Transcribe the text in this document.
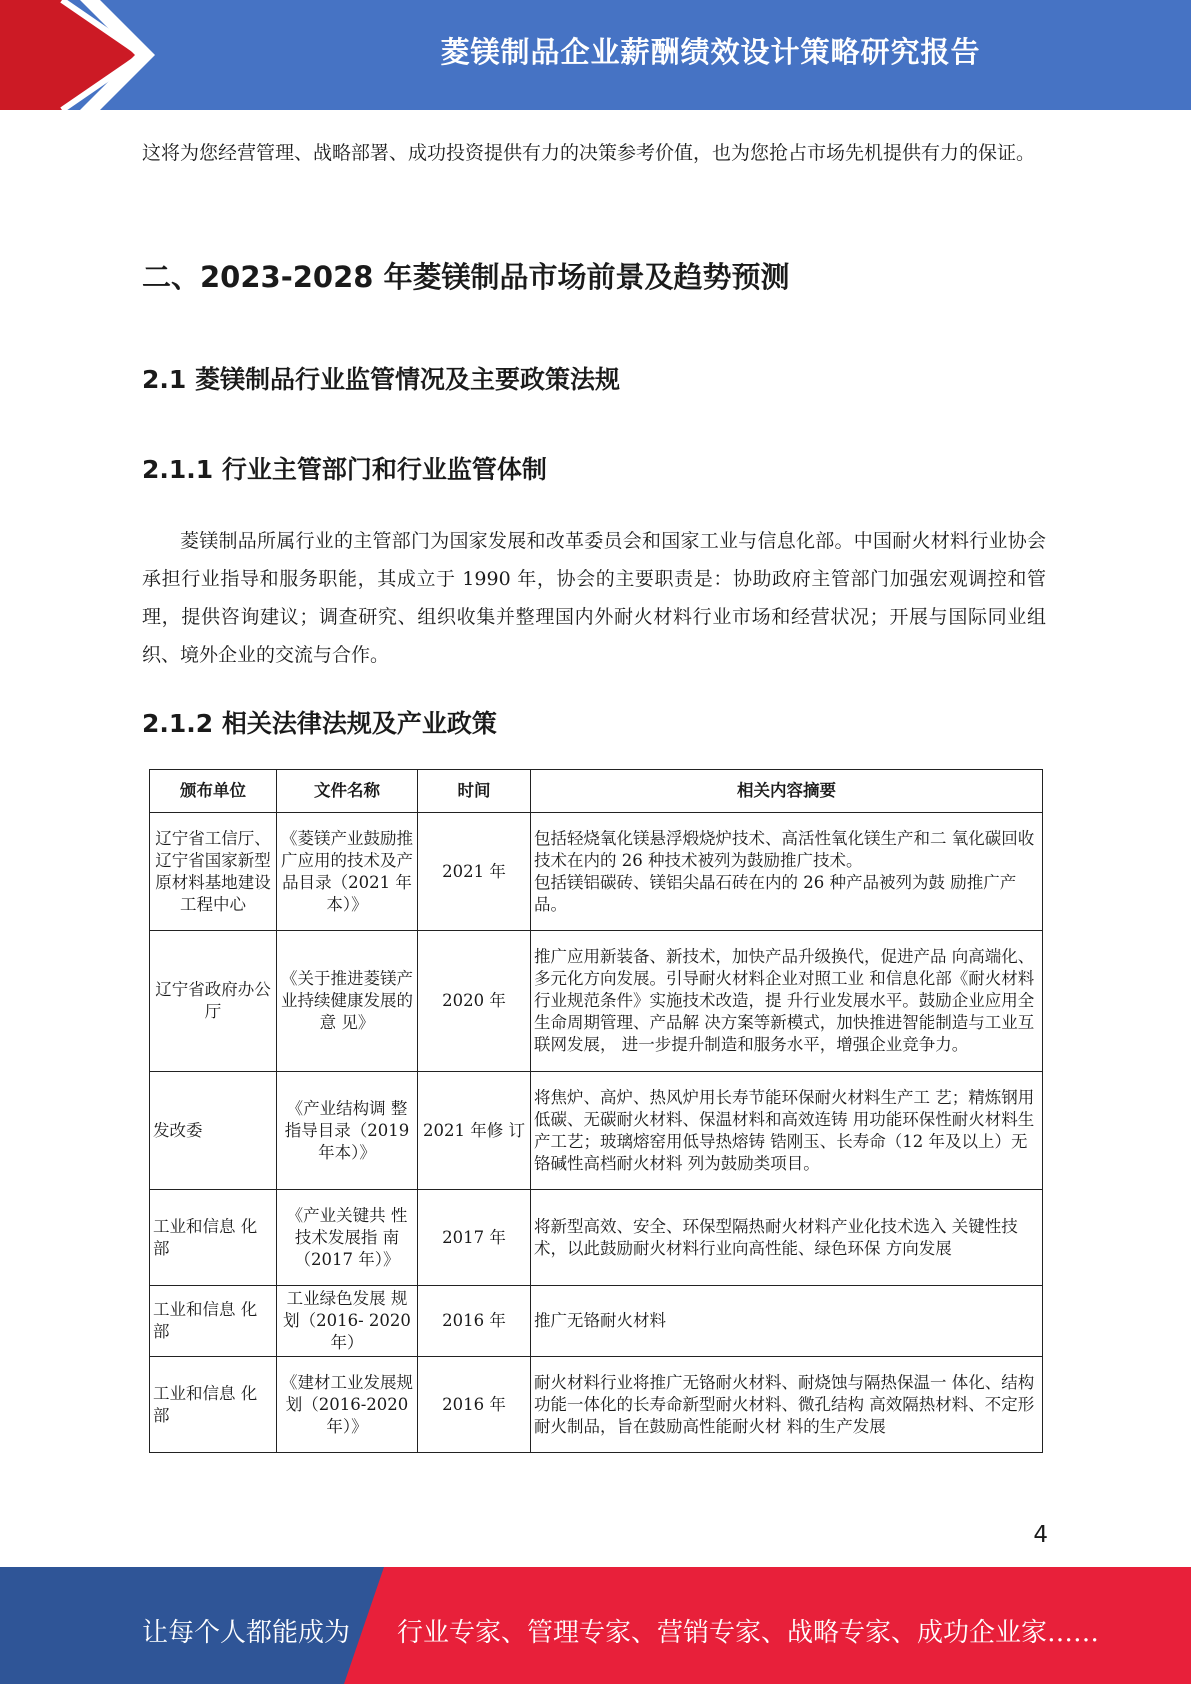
菱镁制品企业薪酬绩效设计策略研究报告

这将为您经营管理、战略部署、成功投资提供有力的决策参考价值，也为您抢占市场先机提供有力的保证。

二、2023-2028 年菱镁制品市场前景及趋势预测
2.1 菱镁制品行业监管情况及主要政策法规
2.1.1 行业主管部门和行业监管体制

菱镁制品所属行业的主管部门为国家发展和改革委员会和国家工业与信息化部。中国耐火材料行业协会承担行业指导和服务职能，其成立于 1990 年，协会的主要职责是：协助政府主管部门加强宏观调控和管理，提供咨询建议；调查研究、组织收集并整理国内外耐火材料行业市场和经营状况；开展与国际同业组织、境外企业的交流与合作。

2.1.2 相关法律法规及产业政策
颁布单位	文件名称	时间	相关内容摘要
辽宁省工信厅、辽宁省国家新型原材料基地建设工程中心	《菱镁产业鼓励推广应用的技术及产品目录（2021 年本）》	2021 年	包括轻烧氧化镁悬浮煅烧炉技术、高活性氧化镁生产和二 氧化碳回收技术在内的 26 种技术被列为鼓励推广技术。
包括镁铝碳砖、镁铝尖晶石砖在内的 26 种产品被列为鼓 励推广产品。
辽宁省政府办公厅	《关于推进菱镁产业持续健康发展的意 见》	2020 年	推广应用新装备、新技术，加快产品升级换代，促进产品 向高端化、多元化方向发展。引导耐火材料企业对照工业 和信息化部《耐火材料行业规范条件》实施技术改造，提 升行业发展水平。鼓励企业应用全生命周期管理、产品解 决方案等新模式，加快推进智能制造与工业互联网发展， 进一步提升制造和服务水平，增强企业竞争力。
发改委	《产业结构调 整指导目录（2019 年本）》	2021 年修 订	将焦炉、高炉、热风炉用长寿节能环保耐火材料生产工 艺；精炼钢用低碳、无碳耐火材料、保温材料和高效连铸 用功能环保性耐火材料生产工艺；玻璃熔窑用低导热熔铸 锆刚玉、长寿命（12 年及以上）无铬碱性高档耐火材料 列为鼓励类项目。
工业和信息 化部	《产业关键共 性技术发展指 南（2017 年）》	2017 年	将新型高效、安全、环保型隔热耐火材料产业化技术选入 关键性技术，以此鼓励耐火材料行业向高性能、绿色环保 方向发展
工业和信息 化部	工业绿色发展 规划（2016- 2020 年）	2016 年	推广无铬耐火材料
工业和信息 化部	《建材工业发展规划（2016-2020 年）》	2016 年	耐火材料行业将推广无铬耐火材料、耐烧蚀与隔热保温一 体化、结构功能一体化的长寿命新型耐火材料、微孔结构 高效隔热材料、不定形耐火制品，旨在鼓励高性能耐火材 料的生产发展
4
让每个人都能成为 行业专家、管理专家、营销专家、战略专家、成功企业家……
